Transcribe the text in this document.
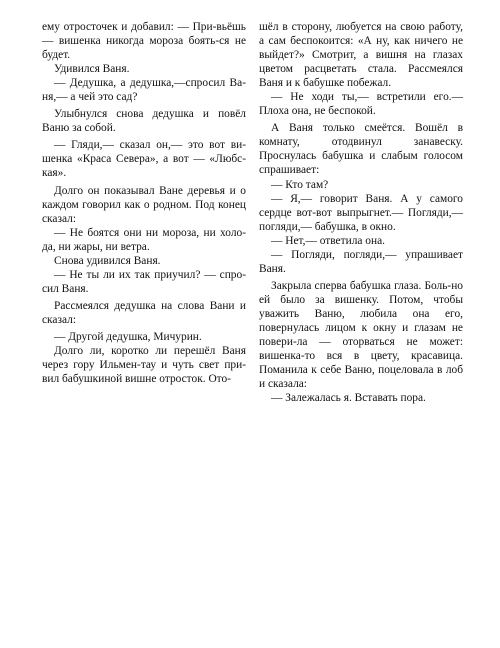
ему отросточек и добавил: — При-вьёшь — вишенка никогда мороза боять-ся не будет.

Удивился Ваня.

— Дедушка, а дедушка,—спросил Ва-ня,— а чей это сад?

Улыбнулся снова дедушка и повёл Ваню за собой.

— Гляди,— сказал он,— это вот ви-шенка «Краса Севера», а вот — «Любс-кая».

Долго он показывал Ване деревья и о каждом говорил как о родном. Под конец сказал:

— Не боятся они ни мороза, ни холо-да, ни жары, ни ветра.

Снова удивился Ваня.

— Не ты ли их так приучил? — спро-сил Ваня.

Рассмеялся дедушка на слова Вани и сказал:

— Другой дедушка, Мичурин.

Долго ли, коротко ли перешёл Ваня через гору Ильмен-тау и чуть свет при-вил бабушкиной вишне отросток. Ото-

шёл в сторону, любуется на свою работу, а сам беспокоится: «А ну, как ничего не выйдет?» Смотрит, а вишня на глазах цветом расцветать стала. Рассмеялся Ваня и к бабушке побежал.

— Не ходи ты,— встретили его.— Плоха она, не беспокой.

А Ваня только смеётся. Вошёл в комнату, отодвинул занавеску. Проснулась бабушка и слабым голосом спрашивает:

— Кто там?

— Я,— говорит Ваня. А у самого сердце вот-вот выпрыгнет.— Погляди,— погляди,— бабушка, в окно.

— Нет,— ответила она.

— Погляди, погляди,— упрашивает Ваня.

Закрыла сперва бабушка глаза. Боль-но ей было за вишенку. Потом, чтобы уважить Ваню, любила она его, повернулась лицом к окну и глазам не повери-ла — оторваться не может: вишенка-то вся в цвету, красавица. Поманила к себе Ваню, поцеловала в лоб и сказала:

— Залежалась я. Вставать пора.
